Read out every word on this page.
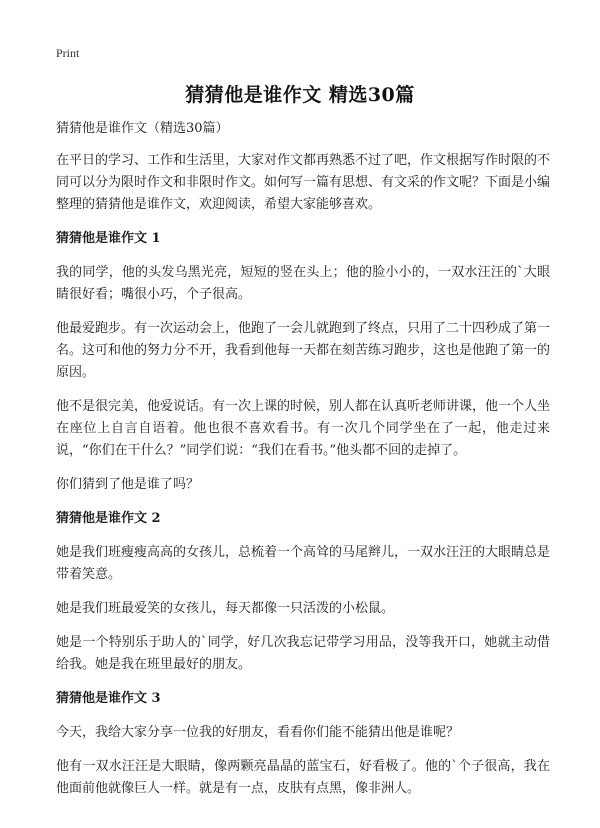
Print
猜猜他是谁作文 精选30篇

猜猜他是谁作文（精选30篇）

在平日的学习、工作和生活里，大家对作文都再熟悉不过了吧，作文根据写作时限的不同可以分为限时作文和非限时作文。如何写一篇有思想、有文采的作文呢？下面是小编整理的猜猜他是谁作文，欢迎阅读，希望大家能够喜欢。

猜猜他是谁作文 1

我的同学，他的头发乌黑光亮，短短的竖在头上；他的脸小小的，一双水汪汪的`大眼睛很好看；嘴很小巧，个子很高。

他最爱跑步。有一次运动会上，他跑了一会儿就跑到了终点，只用了二十四秒成了第一名。这可和他的努力分不开，我看到他每一天都在刻苦练习跑步，这也是他跑了第一的原因。

他不是很完美，他爱说话。有一次上课的时候，别人都在认真听老师讲课，他一个人坐在座位上自言自语着。他也很不喜欢看书。有一次几个同学坐在了一起，他走过来说，“你们在干什么？”同学们说：“我们在看书。”他头都不回的走掉了。

你们猜到了他是谁了吗？

猜猜他是谁作文 2

她是我们班瘦瘦高高的女孩儿，总梳着一个高耸的马尾辫儿，一双水汪汪的大眼睛总是带着笑意。

她是我们班最爱笑的女孩儿，每天都像一只活泼的小松鼠。

她是一个特别乐于助人的`同学，好几次我忘记带学习用品，没等我开口，她就主动借给我。她是我在班里最好的朋友。

猜猜他是谁作文 3

今天，我给大家分享一位我的好朋友，看看你们能不能猜出他是谁呢？

他有一双水汪汪是大眼睛，像两颗亮晶晶的蓝宝石，好看极了。他的`个子很高，我在他面前他就像巨人一样。就是有一点，皮肤有点黑，像非洲人。
